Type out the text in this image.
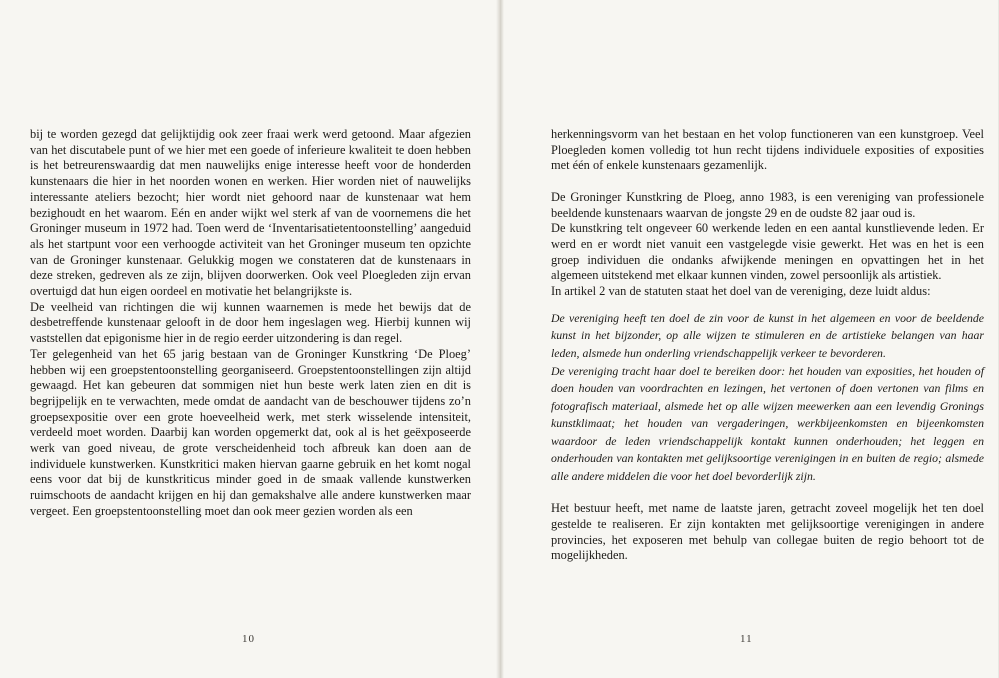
bij te worden gezegd dat gelijktijdig ook zeer fraai werk werd getoond. Maar afgezien van het discutabele punt of we hier met een goede of inferieure kwaliteit te doen hebben is het betreurenswaardig dat men nauwelijks enige interesse heeft voor de honderden kunstenaars die hier in het noorden wonen en werken. Hier worden niet of nauwelijks interessante ateliers bezocht; hier wordt niet gehoord naar de kunstenaar wat hem bezighoudt en het waarom. Eén en ander wijkt wel sterk af van de voornemens die het Groninger museum in 1972 had. Toen werd de ‘Inventarisatietentoonstelling’ aangeduid als het startpunt voor een verhoogde activiteit van het Groninger museum ten opzichte van de Groninger kunstenaar. Gelukkig mogen we constateren dat de kunstenaars in deze streken, gedreven als ze zijn, blijven doorwerken. Ook veel Ploegleden zijn ervan overtuigd dat hun eigen oordeel en motivatie het belangrijkste is.

De veelheid van richtingen die wij kunnen waarnemen is mede het bewijs dat de desbetreffende kunstenaar gelooft in de door hem ingeslagen weg. Hierbij kunnen wij vaststellen dat epigonisme hier in de regio eerder uitzondering is dan regel.

Ter gelegenheid van het 65 jarig bestaan van de Groninger Kunstkring ‘De Ploeg’ hebben wij een groepstentoonstelling georganiseerd. Groepstentoonstellingen zijn altijd gewaagd. Het kan gebeuren dat sommigen niet hun beste werk laten zien en dit is begrijpelijk en te verwachten, mede omdat de aandacht van de beschouwer tijdens zo’n groepsexpositie over een grote hoeveelheid werk, met sterk wisselende intensiteit, verdeeld moet worden. Daarbij kan worden opgemerkt dat, ook al is het geëxposeerde werk van goed niveau, de grote verscheidenheid toch afbreuk kan doen aan de individuele kunstwerken. Kunstkritici maken hiervan gaarne gebruik en het komt nogal eens voor dat bij de kunstkriticus minder goed in de smaak vallende kunstwerken ruimschoots de aandacht krijgen en hij dan gemakshalve alle andere kunstwerken maar vergeet. Een groepstentoonstelling moet dan ook meer gezien worden als een

10

herkenningsvorm van het bestaan en het volop functioneren van een kunstgroep. Veel Ploegleden komen volledig tot hun recht tijdens individuele exposities of exposities met één of enkele kunstenaars gezamenlijk.

De Groninger Kunstkring de Ploeg, anno 1983, is een vereniging van professionele beeldende kunstenaars waarvan de jongste 29 en de oudste 82 jaar oud is.

De kunstkring telt ongeveer 60 werkende leden en een aantal kunstlievende leden. Er werd en er wordt niet vanuit een vastgelegde visie gewerkt. Het was en het is een groep individuen die ondanks afwijkende meningen en opvattingen het in het algemeen uitstekend met elkaar kunnen vinden, zowel persoonlijk als artistiek.

In artikel 2 van de statuten staat het doel van de vereniging, deze luidt aldus:

De vereniging heeft ten doel de zin voor de kunst in het algemeen en voor de beeldende kunst in het bijzonder, op alle wijzen te stimuleren en de artistieke belangen van haar leden, alsmede hun onderling vriendschappelijk verkeer te bevorderen.

De vereniging tracht haar doel te bereiken door: het houden van exposities, het houden of doen houden van voordrachten en lezingen, het vertonen of doen vertonen van films en fotografisch materiaal, alsmede het op alle wijzen meewerken aan een levendig Gronings kunstklimaat; het houden van vergaderingen, werkbijeenkomsten en bijeenkomsten waardoor de leden vriendschappelijk kontakt kunnen onderhouden; het leggen en onderhouden van kontakten met gelijksoortige verenigingen in en buiten de regio; alsmede alle andere middelen die voor het doel bevorderlijk zijn.

Het bestuur heeft, met name de laatste jaren, getracht zoveel mogelijk het ten doel gestelde te realiseren. Er zijn kontakten met gelijksoortige verenigingen in andere provincies, het exposeren met behulp van collegae buiten de regio behoort tot de mogelijkheden.

11
